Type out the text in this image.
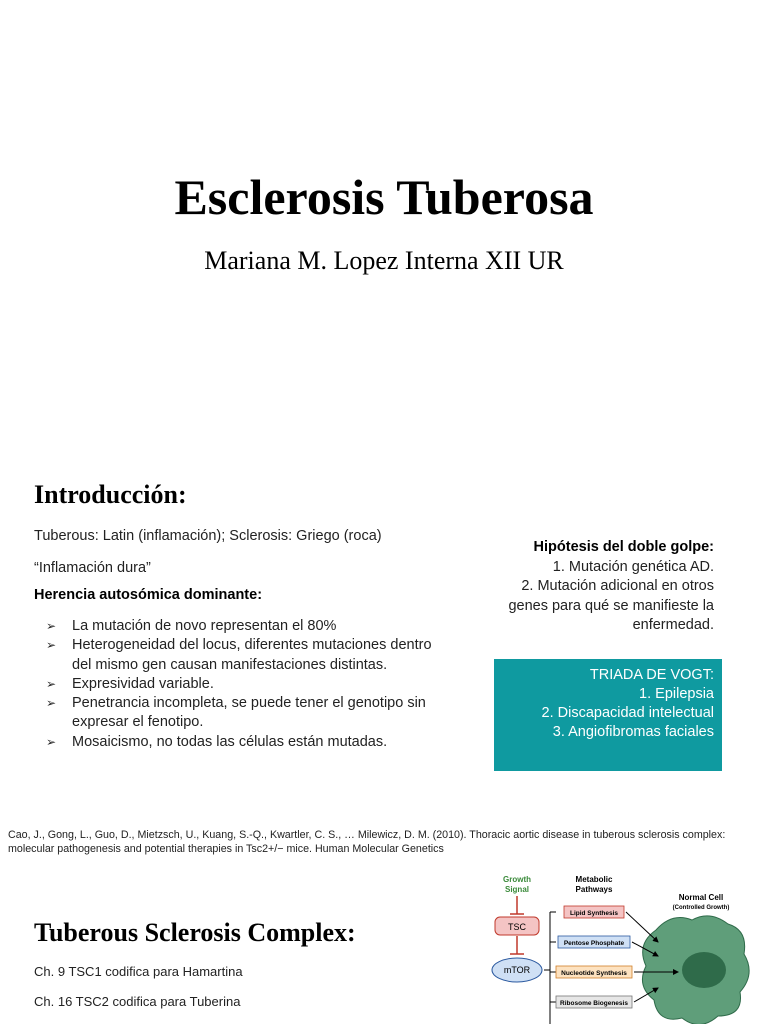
Esclerosis Tuberosa
Mariana M. Lopez Interna XII UR
Introducción:
Tuberous: Latin (inflamación); Sclerosis: Griego (roca)
“Inflamación dura”
Herencia autosómica dominante:
➢ La mutación de novo representan el 80%
➢ Heterogeneidad del locus, diferentes mutaciones dentro del mismo gen causan manifestaciones distintas.
➢ Expresividad variable.
➢ Penetrancia incompleta, se puede tener el genotipo sin expresar el fenotipo.
➢ Mosaicismo, no todas las células están mutadas.
Hipótesis del doble golpe:
1. Mutación genética AD.
2. Mutación adicional en otros genes para qué se manifieste la enfermedad.
TRIADA DE VOGT:
1. Epilepsia
2. Discapacidad intelectual
3. Angiofibromas faciales
Cao, J., Gong, L., Guo, D., Mietzsch, U., Kuang, S.-Q., Kwartler, C. S., … Milewicz, D. M. (2010). Thoracic aortic disease in tuberous sclerosis complex: molecular pathogenesis and potential therapies in Tsc2+/− mice. Human Molecular Genetics
Tuberous Sclerosis Complex:
Ch. 9 TSC1 codifica para Hamartina
Ch. 16 TSC2 codifica para Tuberina
Growth
Signal
TSC
mTOR
Metabolic
Pathways
Lipid Synthesis
Pentose Phosphate
Nucleotide Synthesis
Ribosome Biogenesis
Normal Cell
(Controlled Growth)
